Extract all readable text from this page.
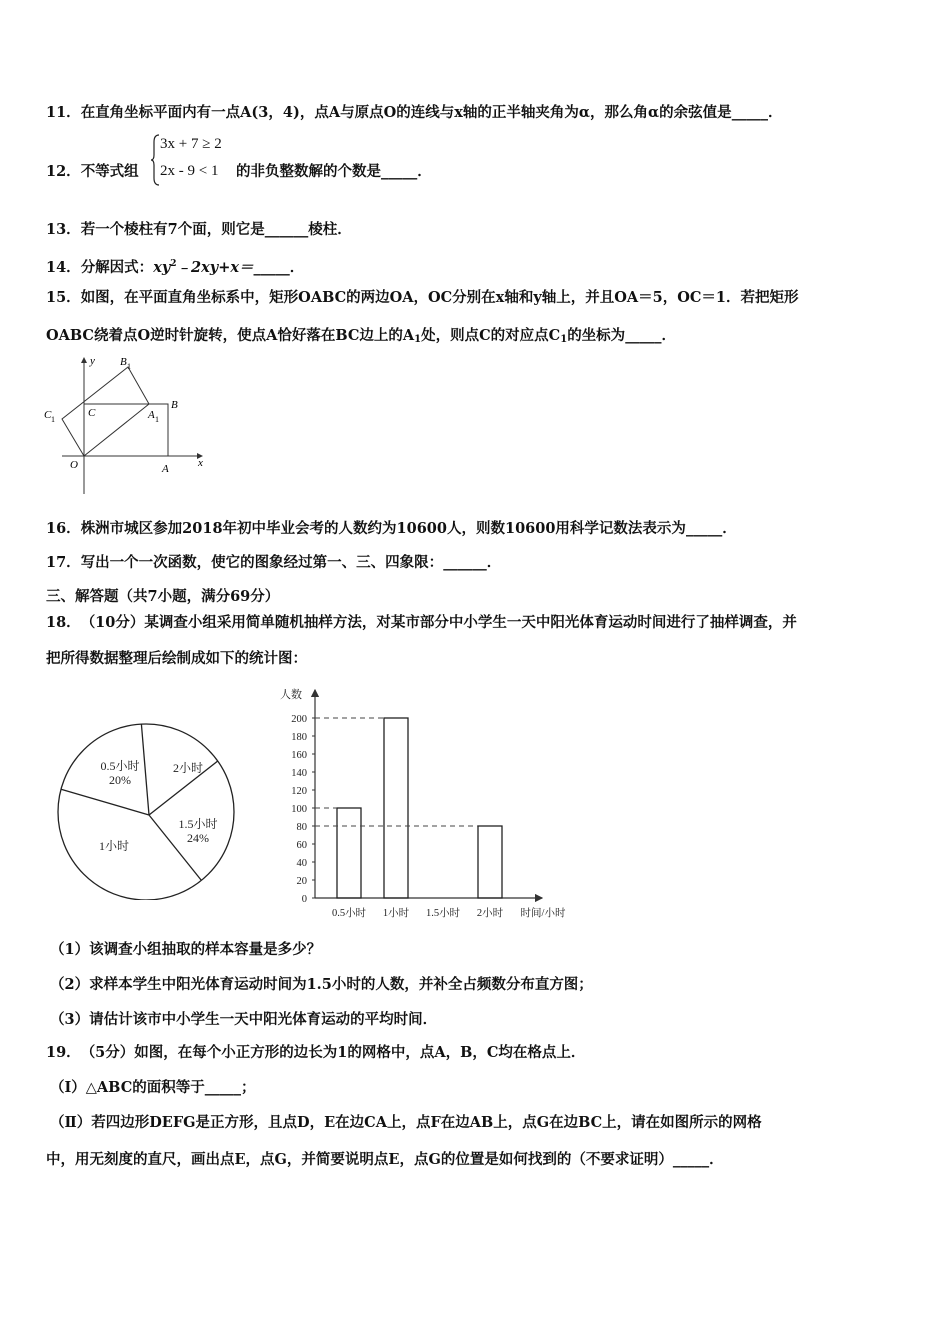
11．在直角坐标平面内有一点A(3，4)，点A与原点O的连线与x轴的正半轴夹角为α，那么角α的余弦值是_____．
12．不等式组
3x + 7 ≥ 2
2x - 9 < 1 的非负整数解的个数是_____．
13．若一个棱柱有7个面，则它是______棱柱．
14．分解因式：$xy^2﹣2xy+x=\_\_\_\_\_$．
15．如图，在平面直角坐标系中，矩形OABC的两边OA，OC分别在x轴和y轴上，并且OA＝5，OC＝1．若把矩形
OABC绕着点O逆时针旋转，使点A恰好落在BC边上的$A_1$处，则点C的对应点$C_1$的坐标为_____．
y
x
O	A
B
C	A 1
B 1
C 1
16．株洲市城区参加2018年初中毕业会考的人数约为10600人，则数10600用科学记数法表示为_____．
17．写出一个一次函数，使它的图象经过第一、三、四象限：______．
三、解答题（共7小题，满分69分）
18．（10分）某调查小组采用简单随机抽样方法，对某市部分中小学生一天中阳光体育运动时间进行了抽样调查，并
把所得数据整理后绘制成如下的统计图：
0.5小时
20%
2小时
1.5小时
24%
1小时
人数
0
20
40
60
80
100
120
140
160
180
200
0.5小时 1小时 1.5小时 2小时 时间/小时
（1）该调查小组抽取的样本容量是多少？
（2）求样本学生中阳光体育运动时间为1.5小时的人数，并补全占频数分布直方图；
（3）请估计该市中小学生一天中阳光体育运动的平均时间．
19．（5分）如图，在每个小正方形的边长为1的网格中，点A，B，C均在格点上．
（Ⅰ）△ABC的面积等于_____；
（Ⅱ）若四边形DEFG是正方形，且点D，E在边CA上，点F在边AB上，点G在边BC上，请在如图所示的网格
中，用无刻度的直尺，画出点E，点G，并简要说明点E，点G的位置是如何找到的（不要求证明）_____．
